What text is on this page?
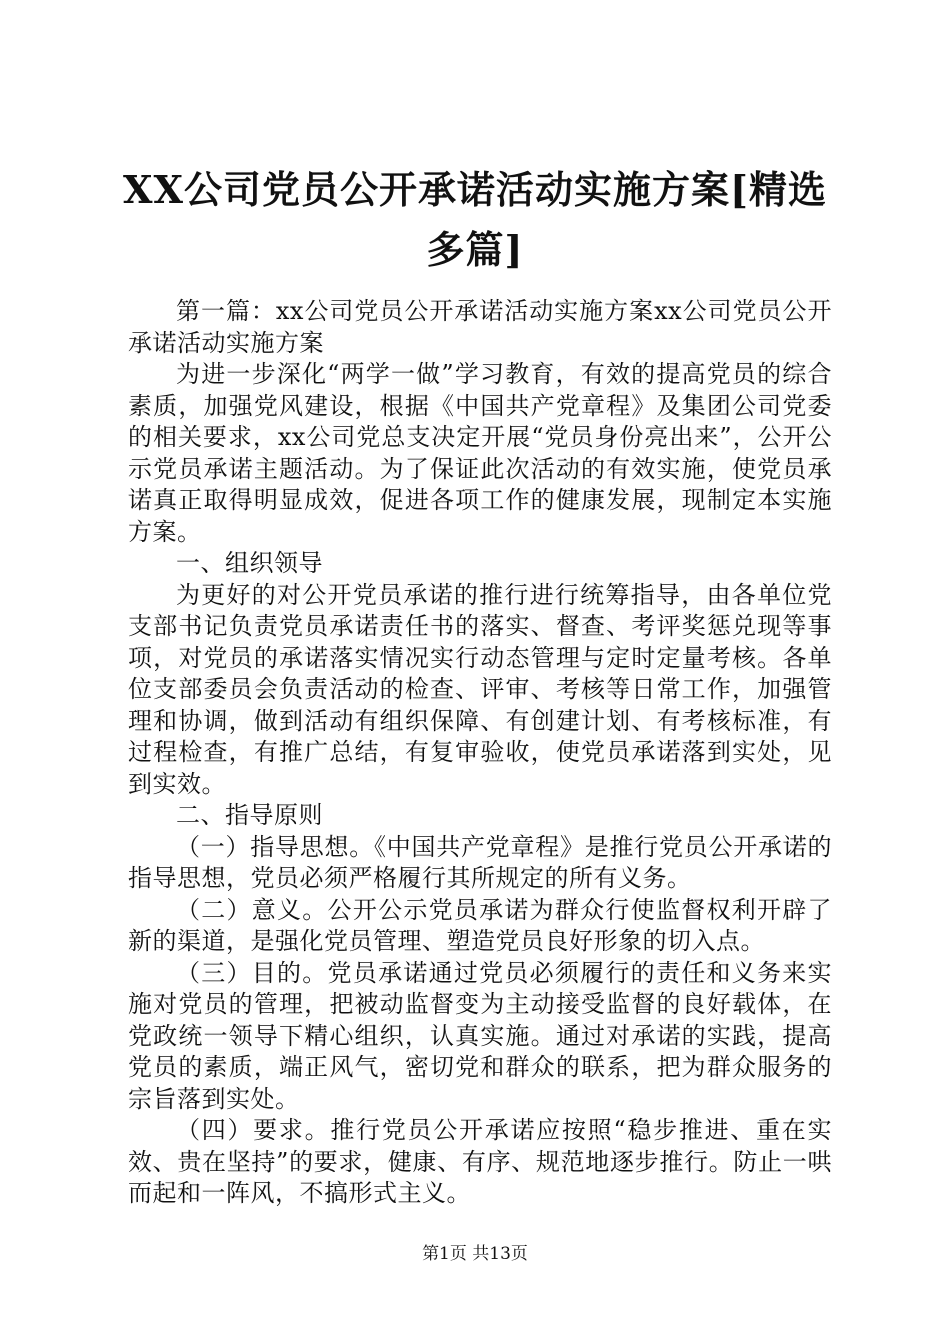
XX公司党员公开承诺活动实施方案[精选多篇]

第一篇：xx公司党员公开承诺活动实施方案xx公司党员公开承诺活动实施方案

为进一步深化“两学一做”学习教育，有效的提高党员的综合素质，加强党风建设，根据《中国共产党章程》及集团公司党委的相关要求，xx公司党总支决定开展“党员身份亮出来”，公开公示党员承诺主题活动。为了保证此次活动的有效实施，使党员承诺真正取得明显成效，促进各项工作的健康发展，现制定本实施方案。

一、组织领导

为更好的对公开党员承诺的推行进行统筹指导，由各单位党支部书记负责党员承诺责任书的落实、督查、考评奖惩兑现等事项，对党员的承诺落实情况实行动态管理与定时定量考核。各单位支部委员会负责活动的检查、评审、考核等日常工作，加强管理和协调，做到活动有组织保障、有创建计划、有考核标准，有过程检查，有推广总结，有复审验收，使党员承诺落到实处，见到实效。

二、指导原则

（一）指导思想。《中国共产党章程》是推行党员公开承诺的指导思想，党员必须严格履行其所规定的所有义务。

（二）意义。公开公示党员承诺为群众行使监督权利开辟了新的渠道，是强化党员管理、塑造党员良好形象的切入点。

（三）目的。党员承诺通过党员必须履行的责任和义务来实施对党员的管理，把被动监督变为主动接受监督的良好载体，在党政统一领导下精心组织，认真实施。通过对承诺的实践，提高党员的素质，端正风气，密切党和群众的联系，把为群众服务的宗旨落到实处。

（四）要求。推行党员公开承诺应按照“稳步推进、重在实效、贵在坚持”的要求，健康、有序、规范地逐步推行。防止一哄而起和一阵风，不搞形式主义。

第1页 共13页
